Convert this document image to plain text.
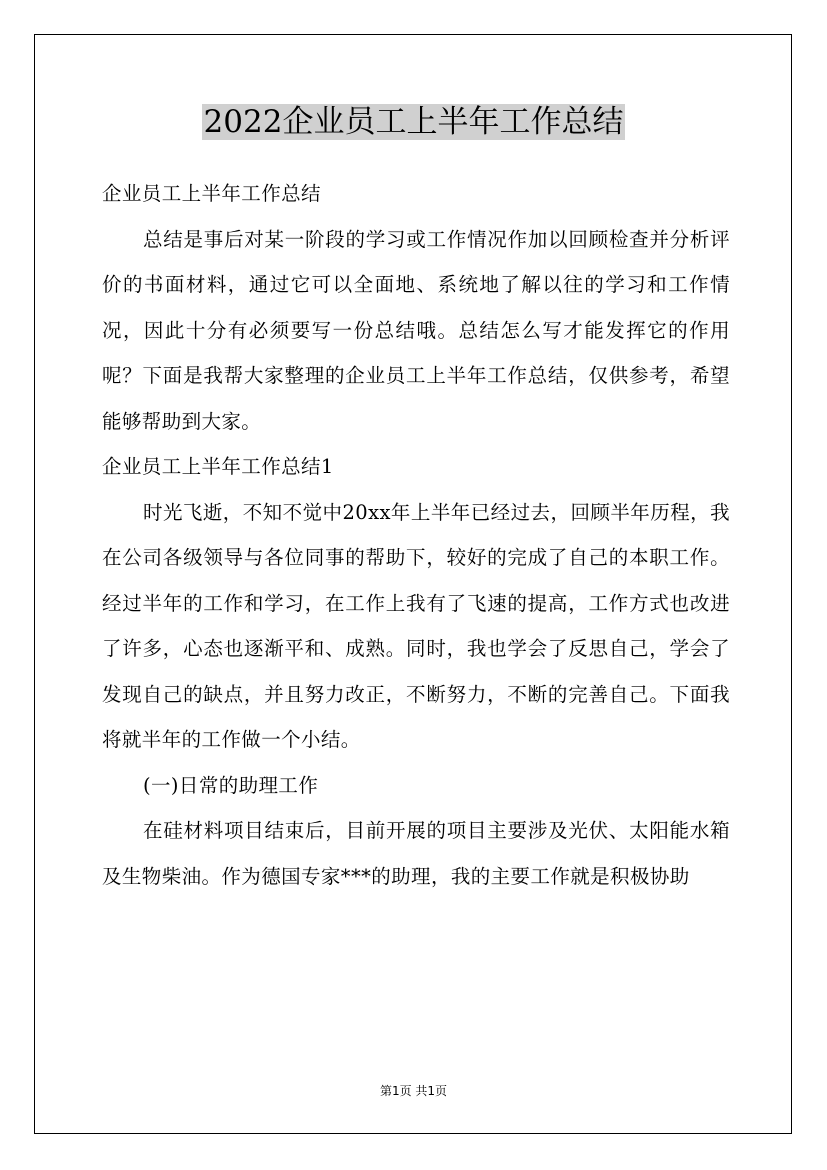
2022企业员工上半年工作总结

企业员工上半年工作总结

总结是事后对某一阶段的学习或工作情况作加以回顾检查并分析评价的书面材料，通过它可以全面地、系统地了解以往的学习和工作情况，因此十分有必须要写一份总结哦。总结怎么写才能发挥它的作用呢？下面是我帮大家整理的企业员工上半年工作总结，仅供参考，希望能够帮助到大家。

企业员工上半年工作总结1

时光飞逝，不知不觉中20xx年上半年已经过去，回顾半年历程，我在公司各级领导与各位同事的帮助下，较好的完成了自己的本职工作。经过半年的工作和学习，在工作上我有了飞速的提高，工作方式也改进了许多，心态也逐渐平和、成熟。同时，我也学会了反思自己，学会了发现自己的缺点，并且努力改正，不断努力，不断的完善自己。下面我将就半年的工作做一个小结。

(一)日常的助理工作

在硅材料项目结束后，目前开展的项目主要涉及光伏、太阳能水箱及生物柴油。作为德国专家***的助理，我的主要工作就是积极协助

第1页 共1页
